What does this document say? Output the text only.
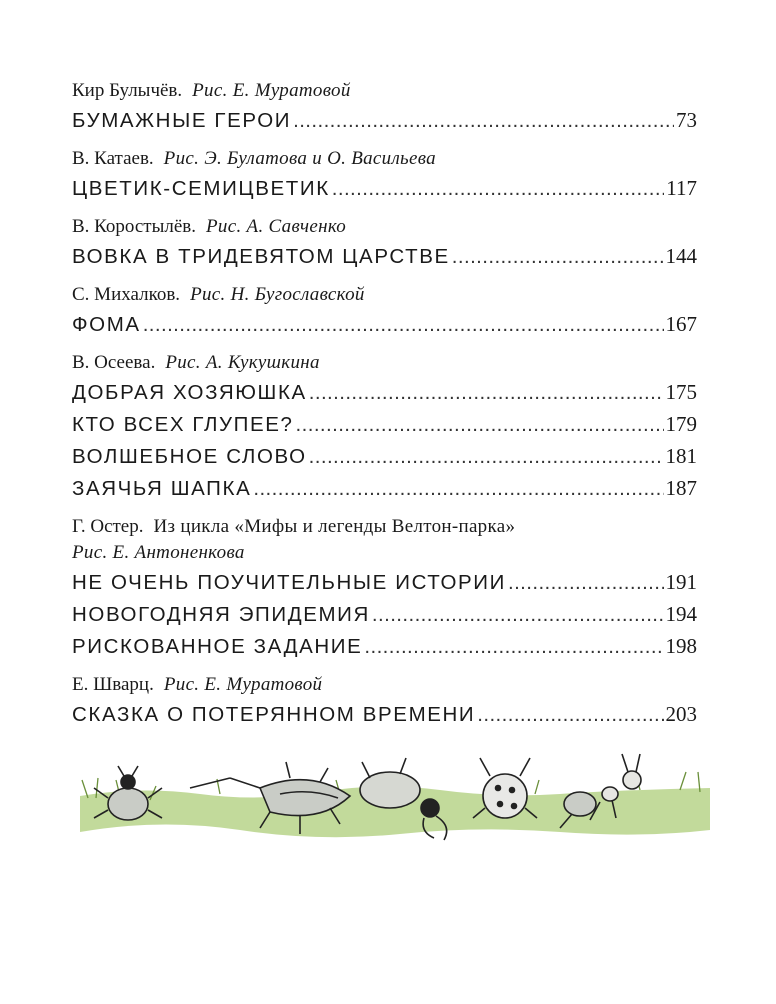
Кир Булычёв. Рис. Е. Муратовой
БУМАЖНЫЕ ГЕРОИ .....	73
В. Катаев. Рис. Э. Булатова и О. Васильева
ЦВЕТИК-СЕМИЦВЕТИК .....	117
В. Коростылёв. Рис. А. Савченко
ВОВКА В ТРИДЕВЯТОМ ЦАРСТВЕ .....	144
С. Михалков. Рис. Н. Бугославской
ФОМА .....	167
В. Осеева. Рис. А. Кукушкина
ДОБРАЯ ХОЗЯЮШКА .....	175
КТО ВСЕХ ГЛУПЕЕ? .....	179
ВОЛШЕБНОЕ СЛОВО .....	181
ЗАЯЧЬЯ ШАПКА .....	187
Г. Остер. Из цикла «Мифы и легенды Велтон-парка»
Рис. Е. Антоненкова
НЕ ОЧЕНЬ ПОУЧИТЕЛЬНЫЕ ИСТОРИИ .....	191
НОВОГОДНЯЯ ЭПИДЕМИЯ .....	194
РИСКОВАННОЕ ЗАДАНИЕ .....	198
Е. Шварц. Рис. Е. Муратовой
СКАЗКА О ПОТЕРЯННОМ ВРЕМЕНИ .....	203
